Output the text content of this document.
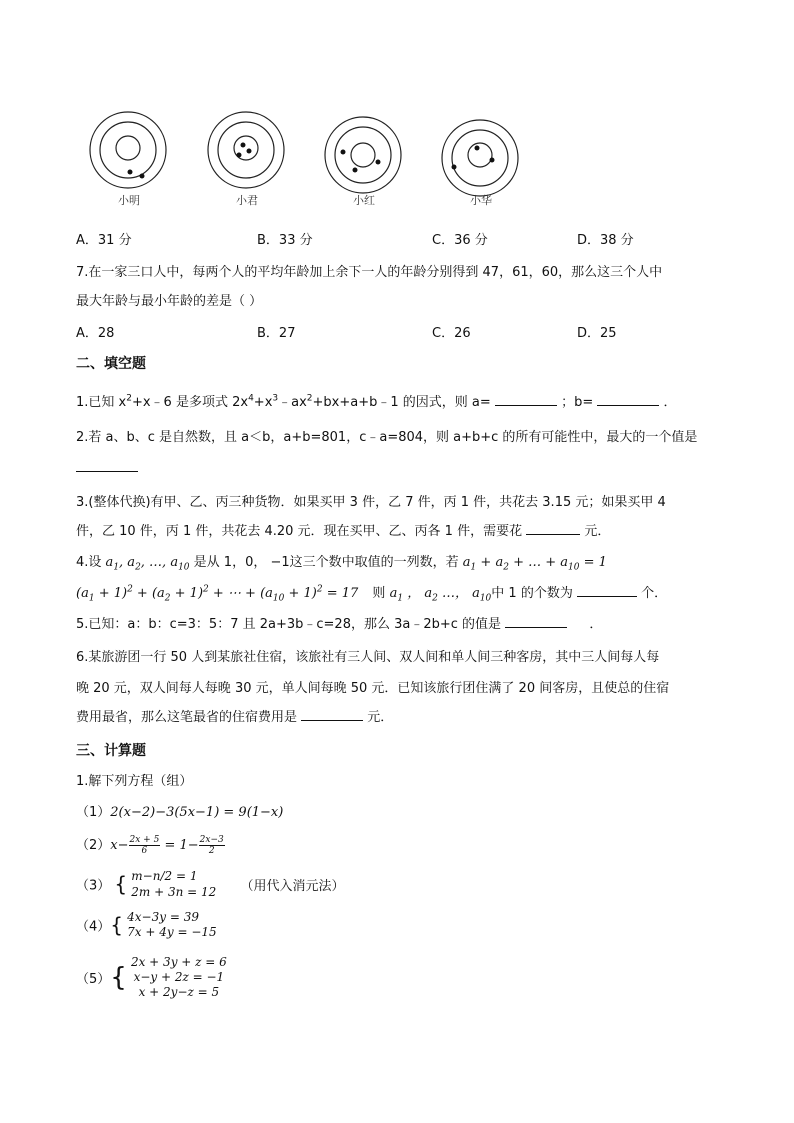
小明	小君	小红	小华
A．31 分	B．33 分	C．36 分	D．38 分
7.在一家三口人中，每两个人的平均年龄加上余下一人的年龄分别得到 47，61，60，那么这三个人中
最大年龄与最小年龄的差是（ ）
A．28	B．27	C．26	D．25
二、填空题
1.已知 $x^2+x﹣6$ 是多项式 $2x^4+x^3﹣ax^2+bx+a+b﹣1$ 的因式，则 a=	；b=	．
2.若 a、b、c 是自然数，且 a＜b，a+b=801，c﹣a=804，则 a+b+c 的所有可能性中，最大的一个值是
3.(整体代换)有甲、乙、丙三种货物．如果买甲 3 件，乙 7 件，丙 1 件，共花去 3.15 元；如果买甲 4
件，乙 10 件，丙 1 件，共花去 4.20 元．现在买甲、乙、丙各 1 件，需要花	元．
4.设 $a_1$, $a_2$, …, $a_{10}$ 是从 1，0， −1这三个数中取值的一列数，若 $a_1 + a_2$ + … + $a_{10} = 1$
$(a_1 + 1)^2 + (a_2 + 1)^2$ + ⋯ + $(a_{10} + 1)^2 = 17$ 则 $a_1$ ， $a_2$ …， $a_{10}$中 1 的个数为	个．
5.已知：a：b：c=3：5：7 且 2a+3b﹣c=28，那么 3a﹣2b+c 的值是	．
6.某旅游团一行 50 人到某旅社住宿，该旅社有三人间、双人间和单人间三种客房，其中三人间每人每
晚 20 元，双人间每人每晚 30 元，单人间每晚 50 元．已知该旅行团住满了 20 间客房，且使总的住宿
费用最省，那么这笔最省的住宿费用是	元．
三、计算题
1.解下列方程（组）
（1）2(x−2)−3(5x−1) = 9(1−x)
$(2)x- \frac{2x + 5}{6} = 1- \frac{2x-3}{2}$
（3） { m−n/2 = 1
2m + 3n = 12 （用代入消元法）
（4）{ 4x−3y = 39
7x + 4y = −15
（5）{
2x + 3y + z = 6
x−y + 2z = −1
x + 2y−z = 5
